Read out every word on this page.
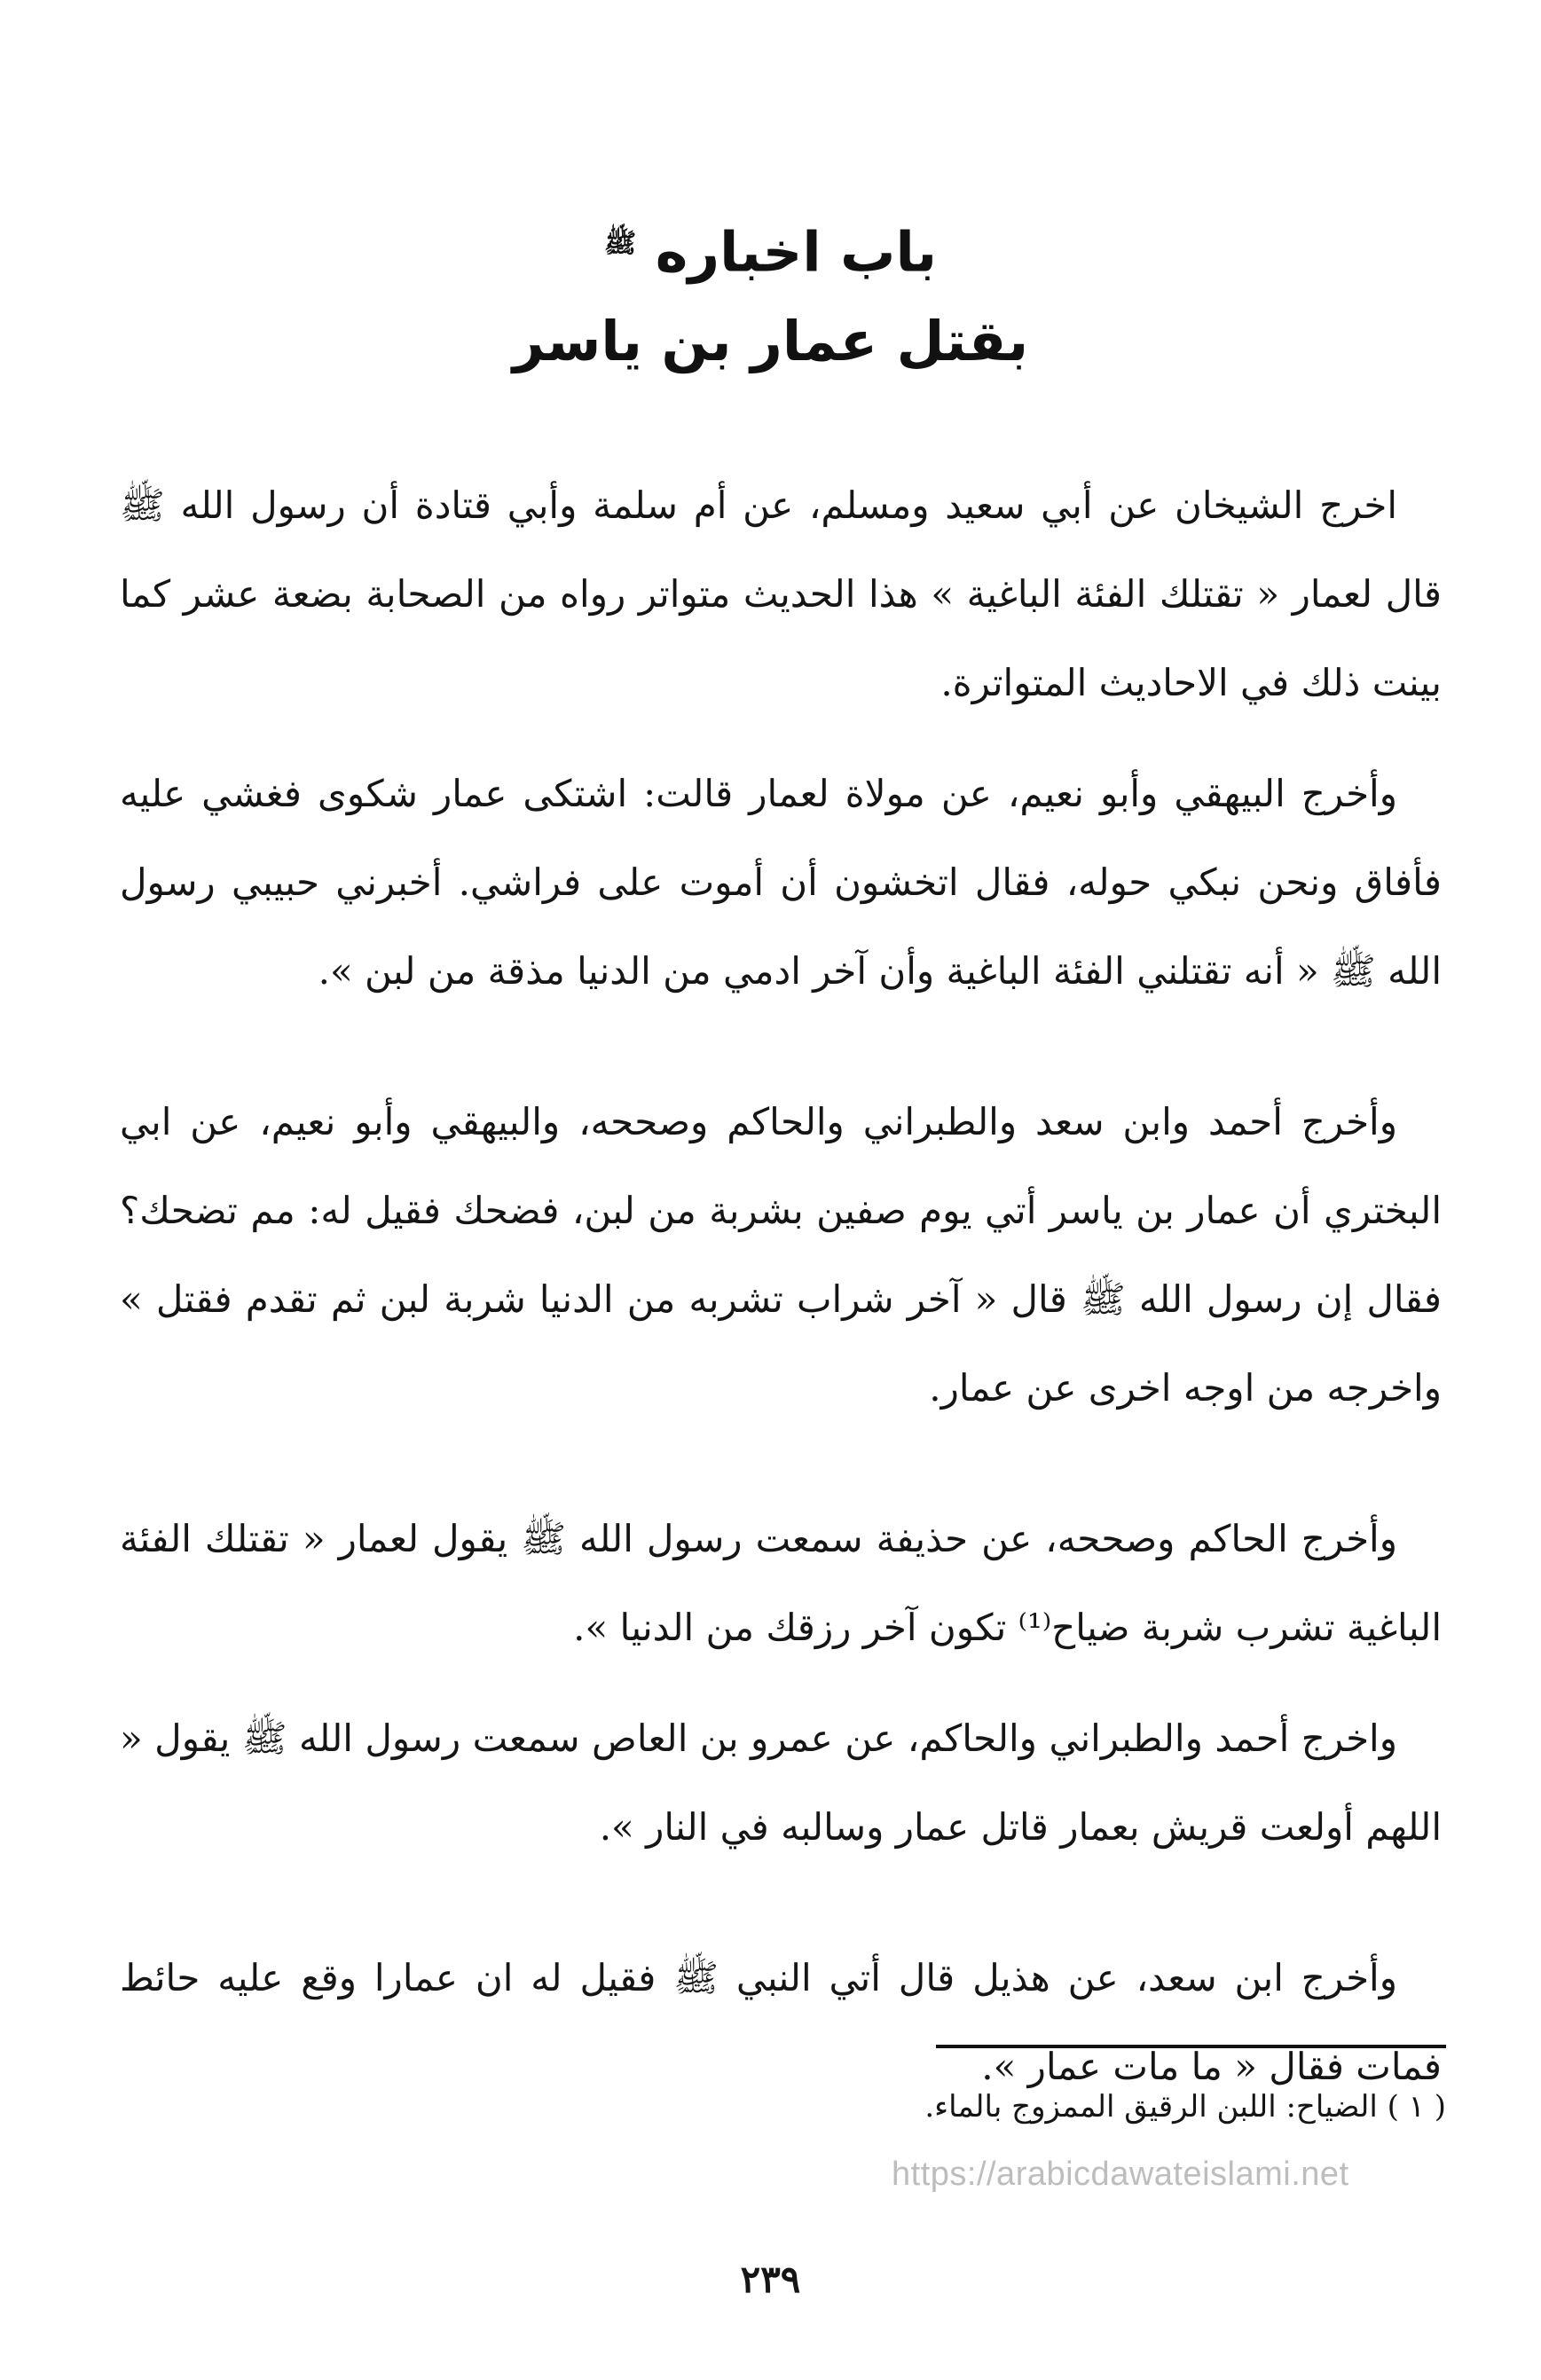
باب اخباره $^ﷺ$
بقتل عمار بن ياسر

اخرج الشيخان عن أبي سعيد ومسلم، عن أم سلمة وأبي قتادة أن رسول الله ﷺ قال لعمار « تقتلك الفئة الباغية » هذا الحديث متواتر رواه من الصحابة بضعة عشر كما بينت ذلك في الاحاديث المتواترة.

وأخرج البيهقي وأبو نعيم، عن مولاة لعمار قالت: اشتكى عمار شكوى فغشي عليه فأفاق ونحن نبكي حوله، فقال اتخشون أن أموت على فراشي. أخبرني حبيبي رسول الله ﷺ « أنه تقتلني الفئة الباغية وأن آخر ادمي من الدنيا مذقة من لبن ».

وأخرج أحمد وابن سعد والطبراني والحاكم وصححه، والبيهقي وأبو نعيم، عن ابي البختري أن عمار بن ياسر أتي يوم صفين بشربة من لبن، فضحك فقيل له: مم تضحك؟ فقال إن رسول الله ﷺ قال « آخر شراب تشربه من الدنيا شربة لبن ثم تقدم فقتل » واخرجه من اوجه اخرى عن عمار.

وأخرج الحاكم وصححه، عن حذيفة سمعت رسول الله ﷺ يقول لعمار « تقتلك الفئة الباغية تشرب شربة ضياح⁽¹⁾ تكون آخر رزقك من الدنيا ».

واخرج أحمد والطبراني والحاكم، عن عمرو بن العاص سمعت رسول الله ﷺ يقول « اللهم أولعت قريش بعمار قاتل عمار وسالبه في النار ».

وأخرج ابن سعد، عن هذيل قال أتي النبي ﷺ فقيل له ان عمارا وقع عليه حائط فمات فقال « ما مات عمار ».

( ١ ) الضياح: اللبن الرقيق الممزوج بالماء.
https://arabicdawateislami.net
٢٣٩
